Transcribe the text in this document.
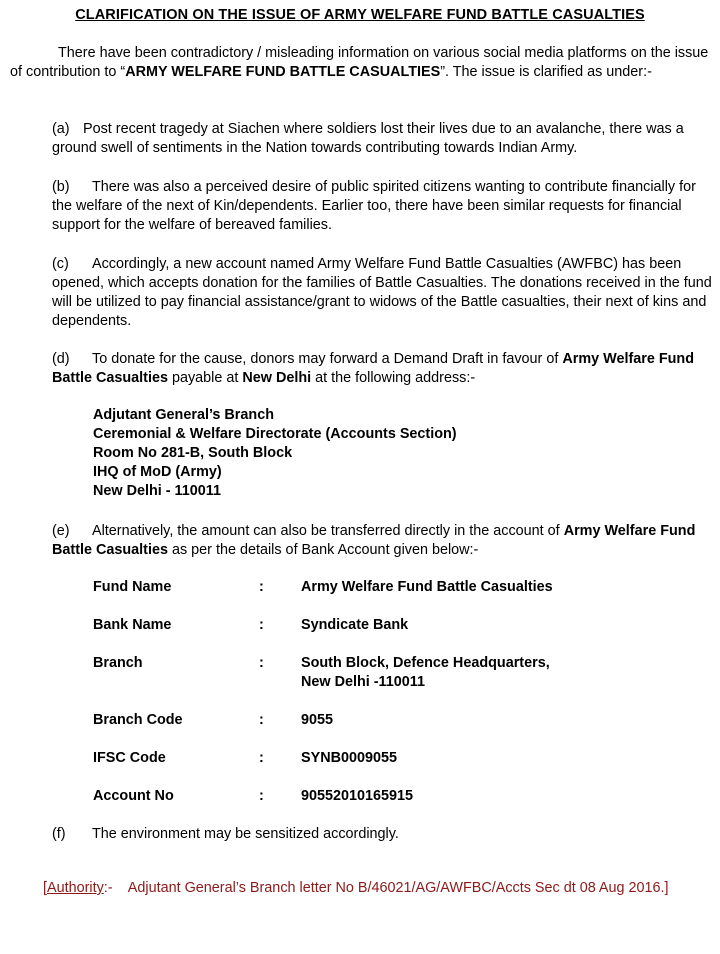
CLARIFICATION ON THE ISSUE OF ARMY WELFARE FUND BATTLE CASUALTIES
There have been contradictory / misleading information on various social media platforms on the issue of contribution to “ARMY WELFARE FUND BATTLE CASUALTIES”. The issue is clarified as under:-
(a) Post recent tragedy at Siachen where soldiers lost their lives due to an avalanche, there was a ground swell of sentiments in the Nation towards contributing towards Indian Army.
(b) There was also a perceived desire of public spirited citizens wanting to contribute financially for the welfare of the next of Kin/dependents. Earlier too, there have been similar requests for financial support for the welfare of bereaved families.
(c) Accordingly, a new account named Army Welfare Fund Battle Casualties (AWFBC) has been opened, which accepts donation for the families of Battle Casualties. The donations received in the fund will be utilized to pay financial assistance/grant to widows of the Battle casualties, their next of kins and dependents.
(d) To donate for the cause, donors may forward a Demand Draft in favour of Army Welfare Fund Battle Casualties payable at New Delhi at the following address:-
Adjutant General’s Branch
Ceremonial & Welfare Directorate (Accounts Section)
Room No 281-B, South Block
IHQ of MoD (Army)
New Delhi - 110011
(e) Alternatively, the amount can also be transferred directly in the account of Army Welfare Fund Battle Casualties as per the details of Bank Account given below:-
Fund Name	:	Army Welfare Fund Battle Casualties
Bank Name	:	Syndicate Bank
Branch	:	South Block, Defence Headquarters,
New Delhi -110011
Branch Code	:	9055
IFSC Code	:	SYNB0009055
Account No	:	90552010165915
(f) The environment may be sensitized accordingly.
[Authority:-    Adjutant General’s Branch letter No B/46021/AG/AWFBC/Accts Sec dt 08 Aug 2016.]
